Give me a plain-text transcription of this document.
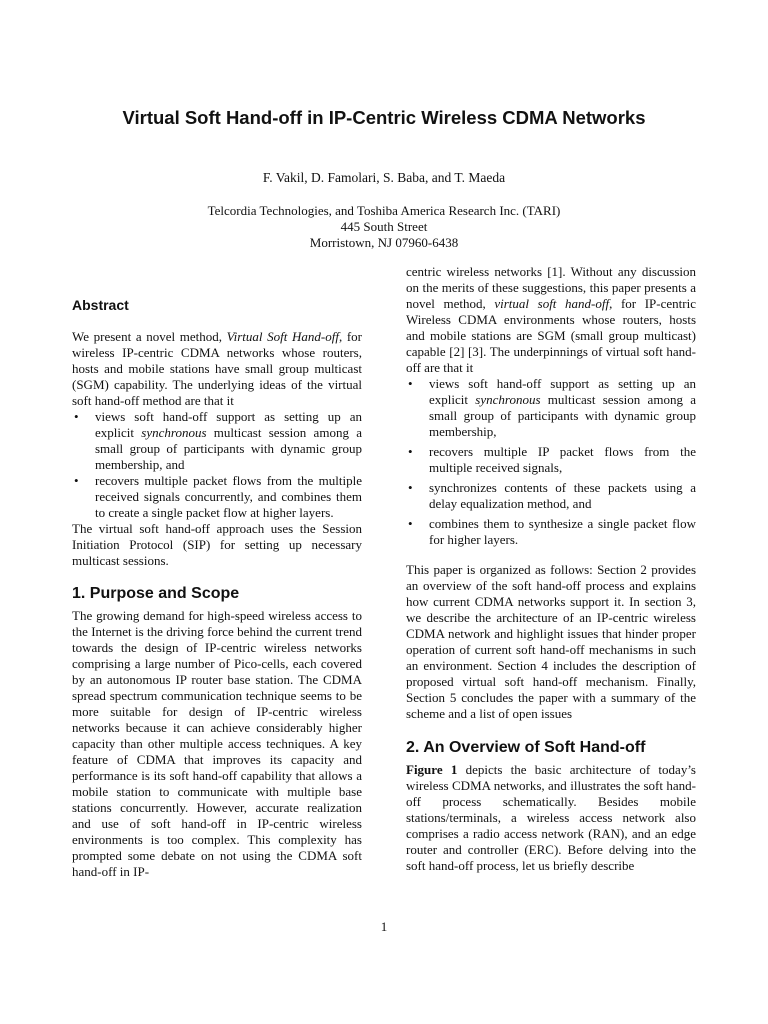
Virtual Soft Hand-off in IP-Centric Wireless CDMA Networks
F. Vakil, D. Famolari, S. Baba, and T. Maeda
Telcordia Technologies, and Toshiba America Research Inc. (TARI)
445 South Street
Morristown, NJ 07960-6438
Abstract

We present a novel method, Virtual Soft Hand-off, for wireless IP-centric CDMA networks whose routers, hosts and mobile stations have small group multicast (SGM) capability. The underlying ideas of the virtual soft hand-off method are that it

• views soft hand-off support as setting up an explicit synchronous multicast session among a small group of participants with dynamic group membership, and
• recovers multiple packet flows from the multiple received signals concurrently, and combines them to create a single packet flow at higher layers.

The virtual soft hand-off approach uses the Session Initiation Protocol (SIP) for setting up necessary multicast sessions.

1. Purpose and Scope

The growing demand for high-speed wireless access to the Internet is the driving force behind the current trend towards the design of IP-centric wireless networks comprising a large number of Pico-cells, each covered by an autonomous IP router base station. The CDMA spread spectrum communication technique seems to be more suitable for design of IP-centric wireless networks because it can achieve considerably higher capacity than other multiple access techniques. A key feature of CDMA that improves its capacity and performance is its soft hand-off capability that allows a mobile station to communicate with multiple base stations concurrently. However, accurate realization and use of soft hand-off in IP-centric wireless environments is too complex. This complexity has prompted some debate on not using the CDMA soft hand-off in IP-

centric wireless networks [1]. Without any discussion on the merits of these suggestions, this paper presents a novel method, virtual soft hand-off, for IP-centric Wireless CDMA environments whose routers, hosts and mobile stations are SGM (small group multicast) capable [2] [3]. The underpinnings of virtual soft hand-off are that it

• views soft hand-off support as setting up an explicit synchronous multicast session among a small group of participants with dynamic group membership,
• recovers multiple IP packet flows from the multiple received signals,
• synchronizes contents of these packets using a delay equalization method, and
• combines them to synthesize a single packet flow for higher layers.

This paper is organized as follows: Section 2 provides an overview of the soft hand-off process and explains how current CDMA networks support it. In section 3, we describe the architecture of an IP-centric wireless CDMA network and highlight issues that hinder proper operation of current soft hand-off mechanisms in such an environment. Section 4 includes the description of proposed virtual soft hand-off mechanism. Finally, Section 5 concludes the paper with a summary of the scheme and a list of open issues

2. An Overview of Soft Hand-off

Figure 1 depicts the basic architecture of today’s wireless CDMA networks, and illustrates the soft hand-off process schematically. Besides mobile stations/terminals, a wireless access network also comprises a radio access network (RAN), and an edge router and controller (ERC). Before delving into the soft hand-off process, let us briefly describe

1
